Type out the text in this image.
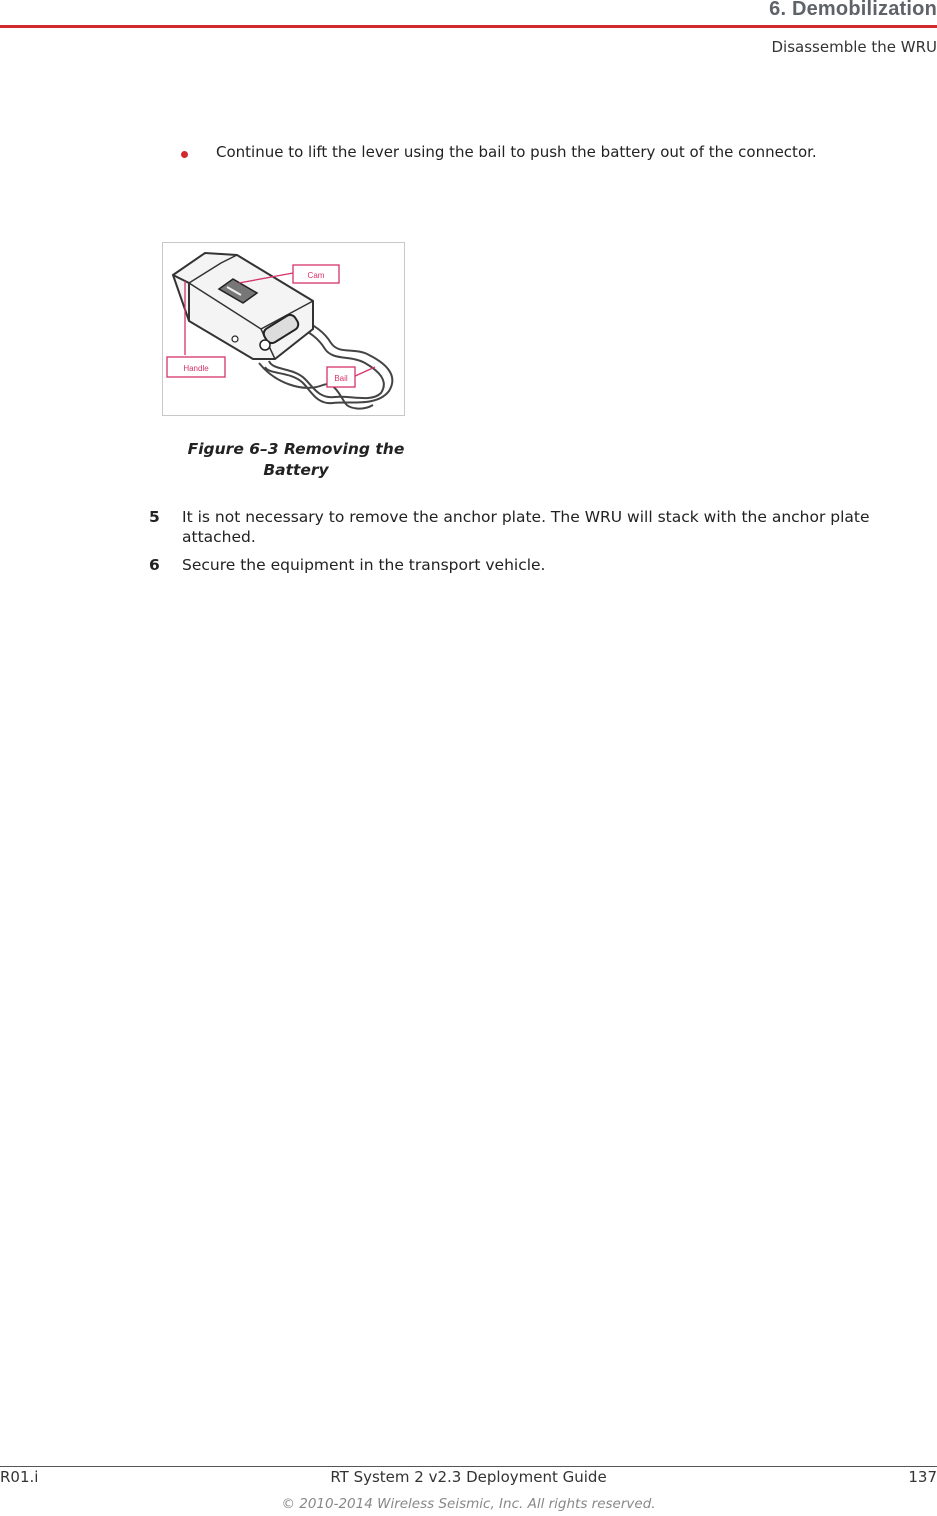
6. Demobilization
Disassemble the WRU
Continue to lift the lever using the bail to push the battery out of the connector.
Cam
Handle
Bail
Figure 6–3 Removing the
Battery
5 It is not necessary to remove the anchor plate. The WRU will stack with the anchor plate attached.
6 Secure the equipment in the transport vehicle.
R01.i	RT System 2 v2.3 Deployment Guide	137
© 2010-2014 Wireless Seismic, Inc. All rights reserved.
